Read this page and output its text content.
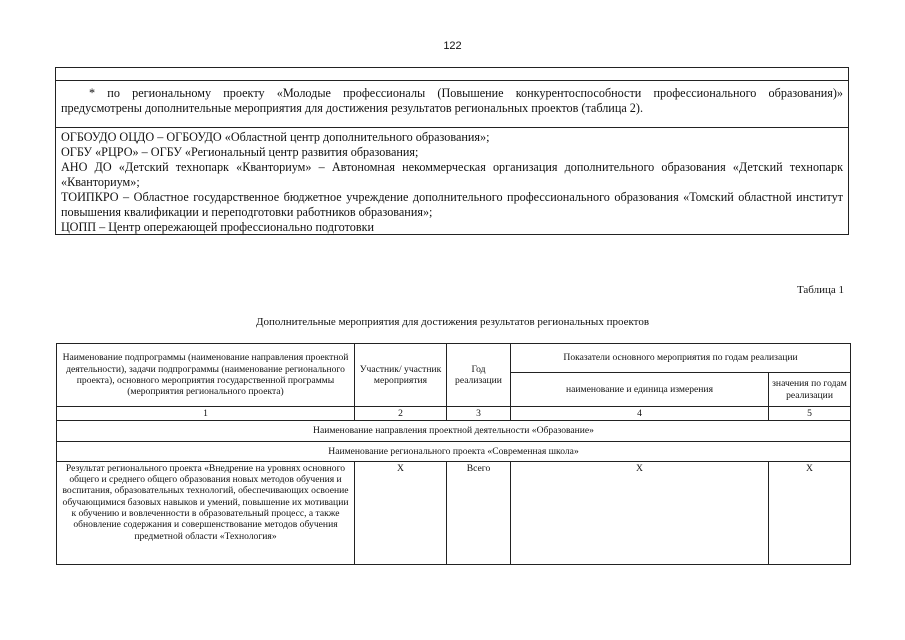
122
* по региональному проекту «Молодые профессионалы (Повышение конкурентоспособности профессионального образования)» предусмотрены дополнительные мероприятия для достижения результатов региональных проектов (таблица 2).
ОГБОУДО ОЦДО – ОГБОУДО «Областной центр дополнительного образования»;
ОГБУ «РЦРО» – ОГБУ «Региональный центр развития образования;
АНО ДО «Детский технопарк «Кванториум» – Автономная некоммерческая организация дополнительного образования «Детский технопарк «Кванториум»;
ТОИПКРО – Областное государственное бюджетное учреждение дополнительного профессионального образования «Томский областной институт повышения квалификации и переподготовки работников образования»;
ЦОПП – Центр опережающей профессионально подготовки
Таблица 1
Дополнительные мероприятия для достижения результатов региональных проектов
Наименование подпрограммы (наименование направления проектной деятельности), задачи подпрограммы (наименование регионального проекта), основного мероприятия государственной программы (мероприятия регионального проекта)	Участник/ участник мероприятия	Год реализации	Показатели основного мероприятия по годам реализации	
			наименование и единица измерения	значения по годам реализации
1	2	3	4	5
Наименование направления проектной деятельности «Образование»				
Наименование регионального проекта «Современная школа»				
Результат регионального проекта «Внедрение на уровнях основного общего и среднего общего образования новых методов обучения и воспитания, образовательных технологий, обеспечивающих освоение обучающимися базовых навыков и умений, повышение их мотивации к обучению и вовлеченности в образовательный процесс, а также обновление содержания и совершенствование методов обучения предметной области «Технология»	Х	Всего	Х	Х
